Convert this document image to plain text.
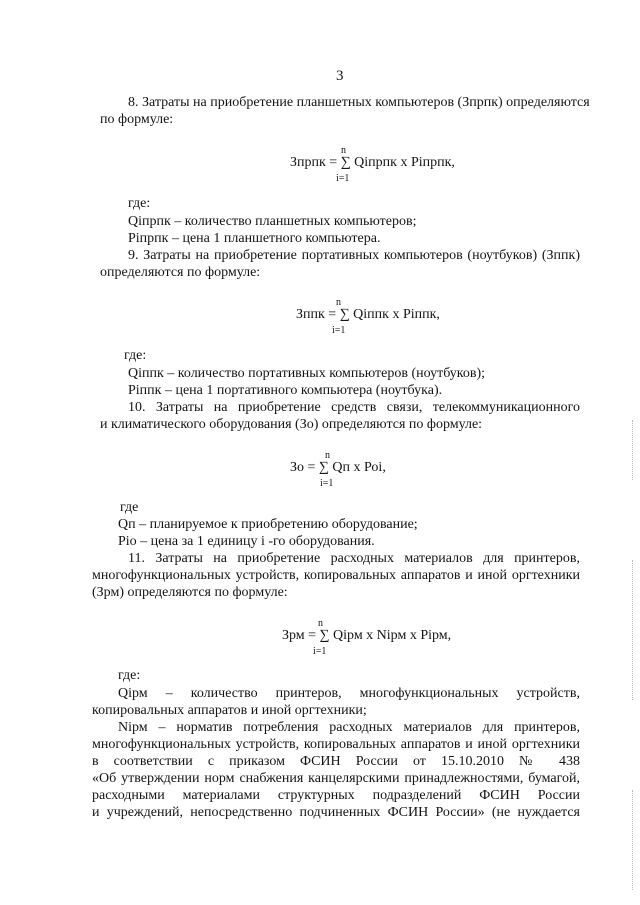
3
8. Затраты на приобретение планшетных компьютеров (Зпрпк) определяются
по формуле:
n
Зпрпк = ∑ Qiпрпк x Piпрпк,
i=1
где:
Qiпрпк – количество планшетных компьютеров;
Piпрпк – цена 1 планшетного компьютера.
9. Затраты на приобретение портативных компьютеров (ноутбуков) (Зппк)
определяются по формуле:
n
Зппк = ∑ Qiппк x Piппк,
i=1
где:
Qiппк – количество портативных компьютеров (ноутбуков);
Piппк – цена 1 портативного компьютера (ноутбука).
10. Затраты на приобретение средств связи, телекоммуникационного
и климатического оборудования (Зо) определяются по формуле:
n
Зо = ∑ Qп x Роi,
i=1
где
Qп – планируемое к приобретению оборудование;
Рio – цена за 1 единицу i -го оборудования.
11. Затраты на приобретение расходных материалов для принтеров,
многофункциональных устройств, копировальных аппаратов и иной оргтехники
(Зрм) определяются по формуле:
n
Зрм = ∑ Qiрм x Niрм x Piрм,
i=1
где:
Qiрм – количество принтеров, многофункциональных устройств,
копировальных аппаратов и иной оргтехники;
Niрм – норматив потребления расходных материалов для принтеров,
многофункциональных устройств, копировальных аппаратов и иной оргтехники
в соответствии с приказом ФСИН России от 15.10.2010 № 438
«Об утверждении норм снабжения канцелярскими принадлежностями, бумагой,
расходными материалами структурных подразделений ФСИН России
и учреждений, непосредственно подчиненных ФСИН России» (не нуждается
